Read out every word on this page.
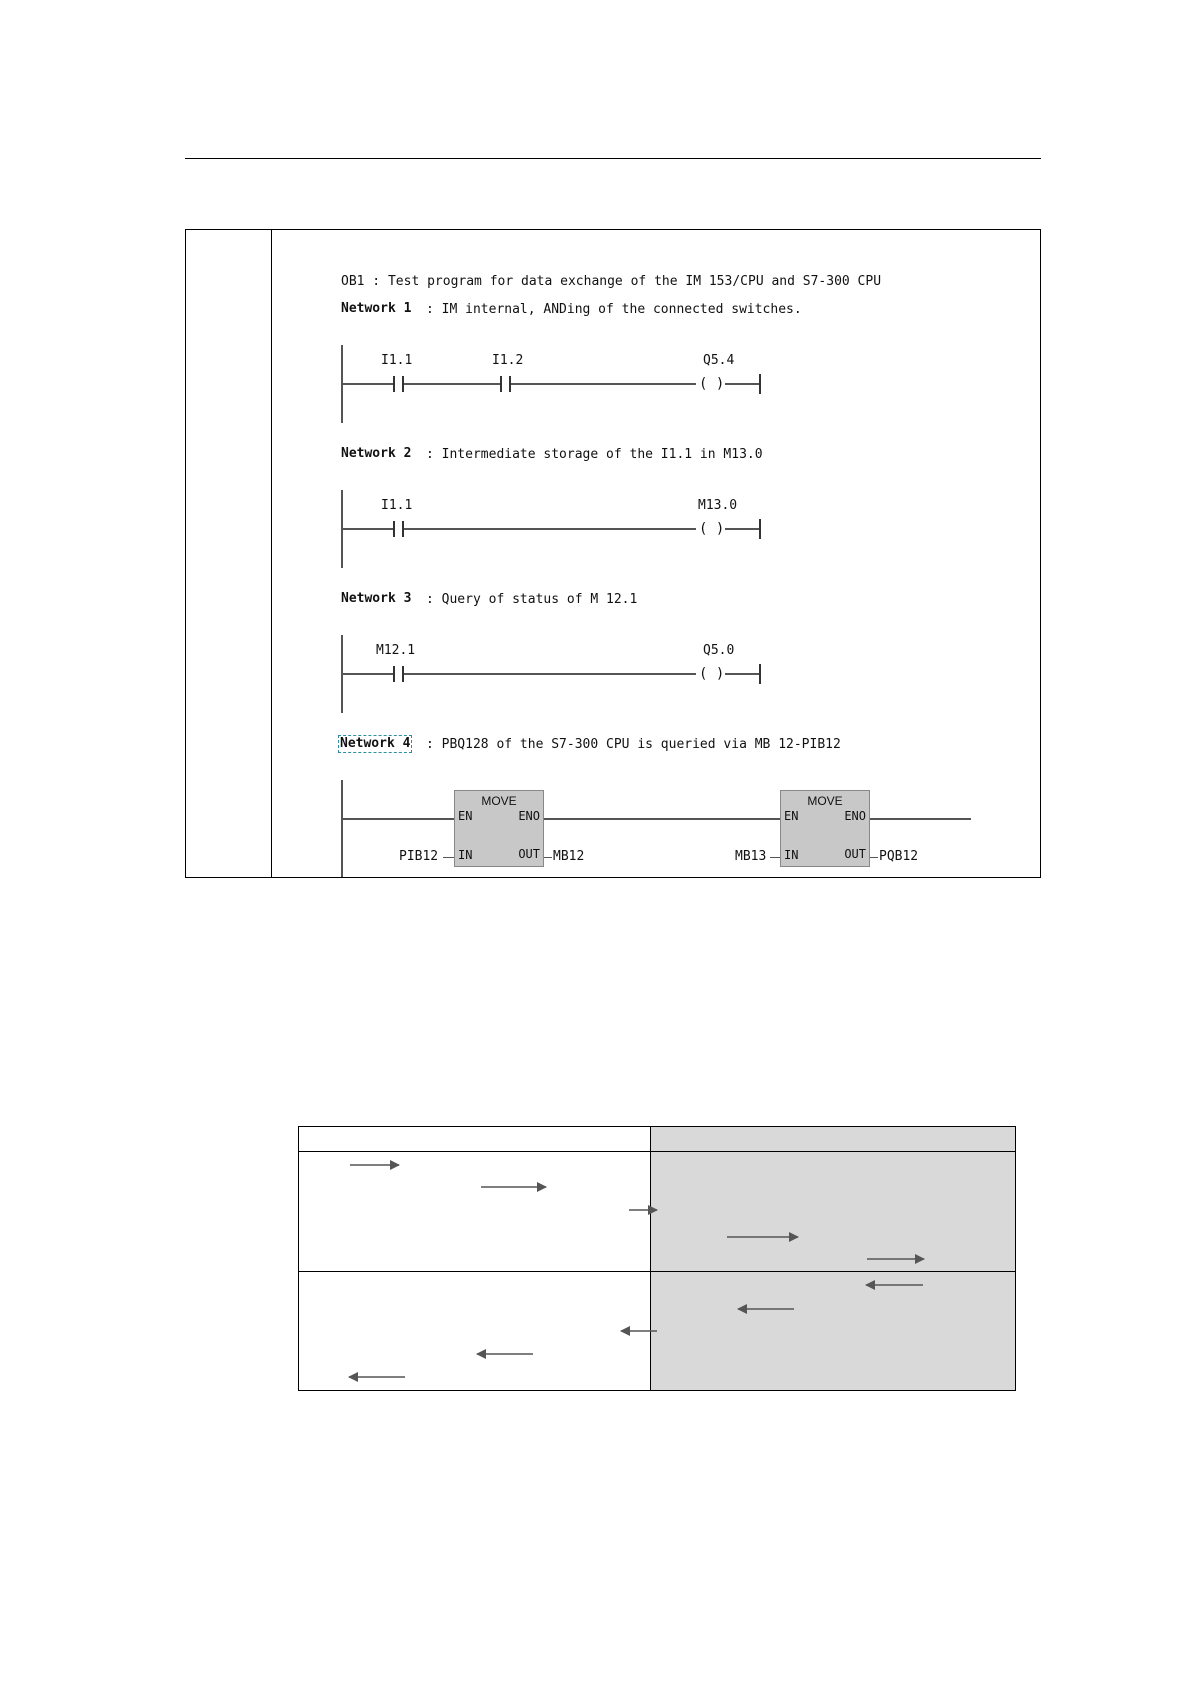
OB1 : Test program for data exchange of the IM 153/CPU and S7-300 CPU
Network 1 : IM internal, ANDing of the connected switches.
I1.1	I1.2	Q5.4
( )
Network 2 : Intermediate storage of the I1.1 in M13.0
I1.1	M13.0
( )
Network 3 : Query of status of M 12.1
M12.1	Q5.0
( )
Network 4 : PBQ128 of the S7-300 CPU is queried via MB 12-PIB12
MOVE
EN	ENO
IN	OUT
PIB12	MB12
MOVE
EN	ENO
IN	OUT
MB13	PQB12
